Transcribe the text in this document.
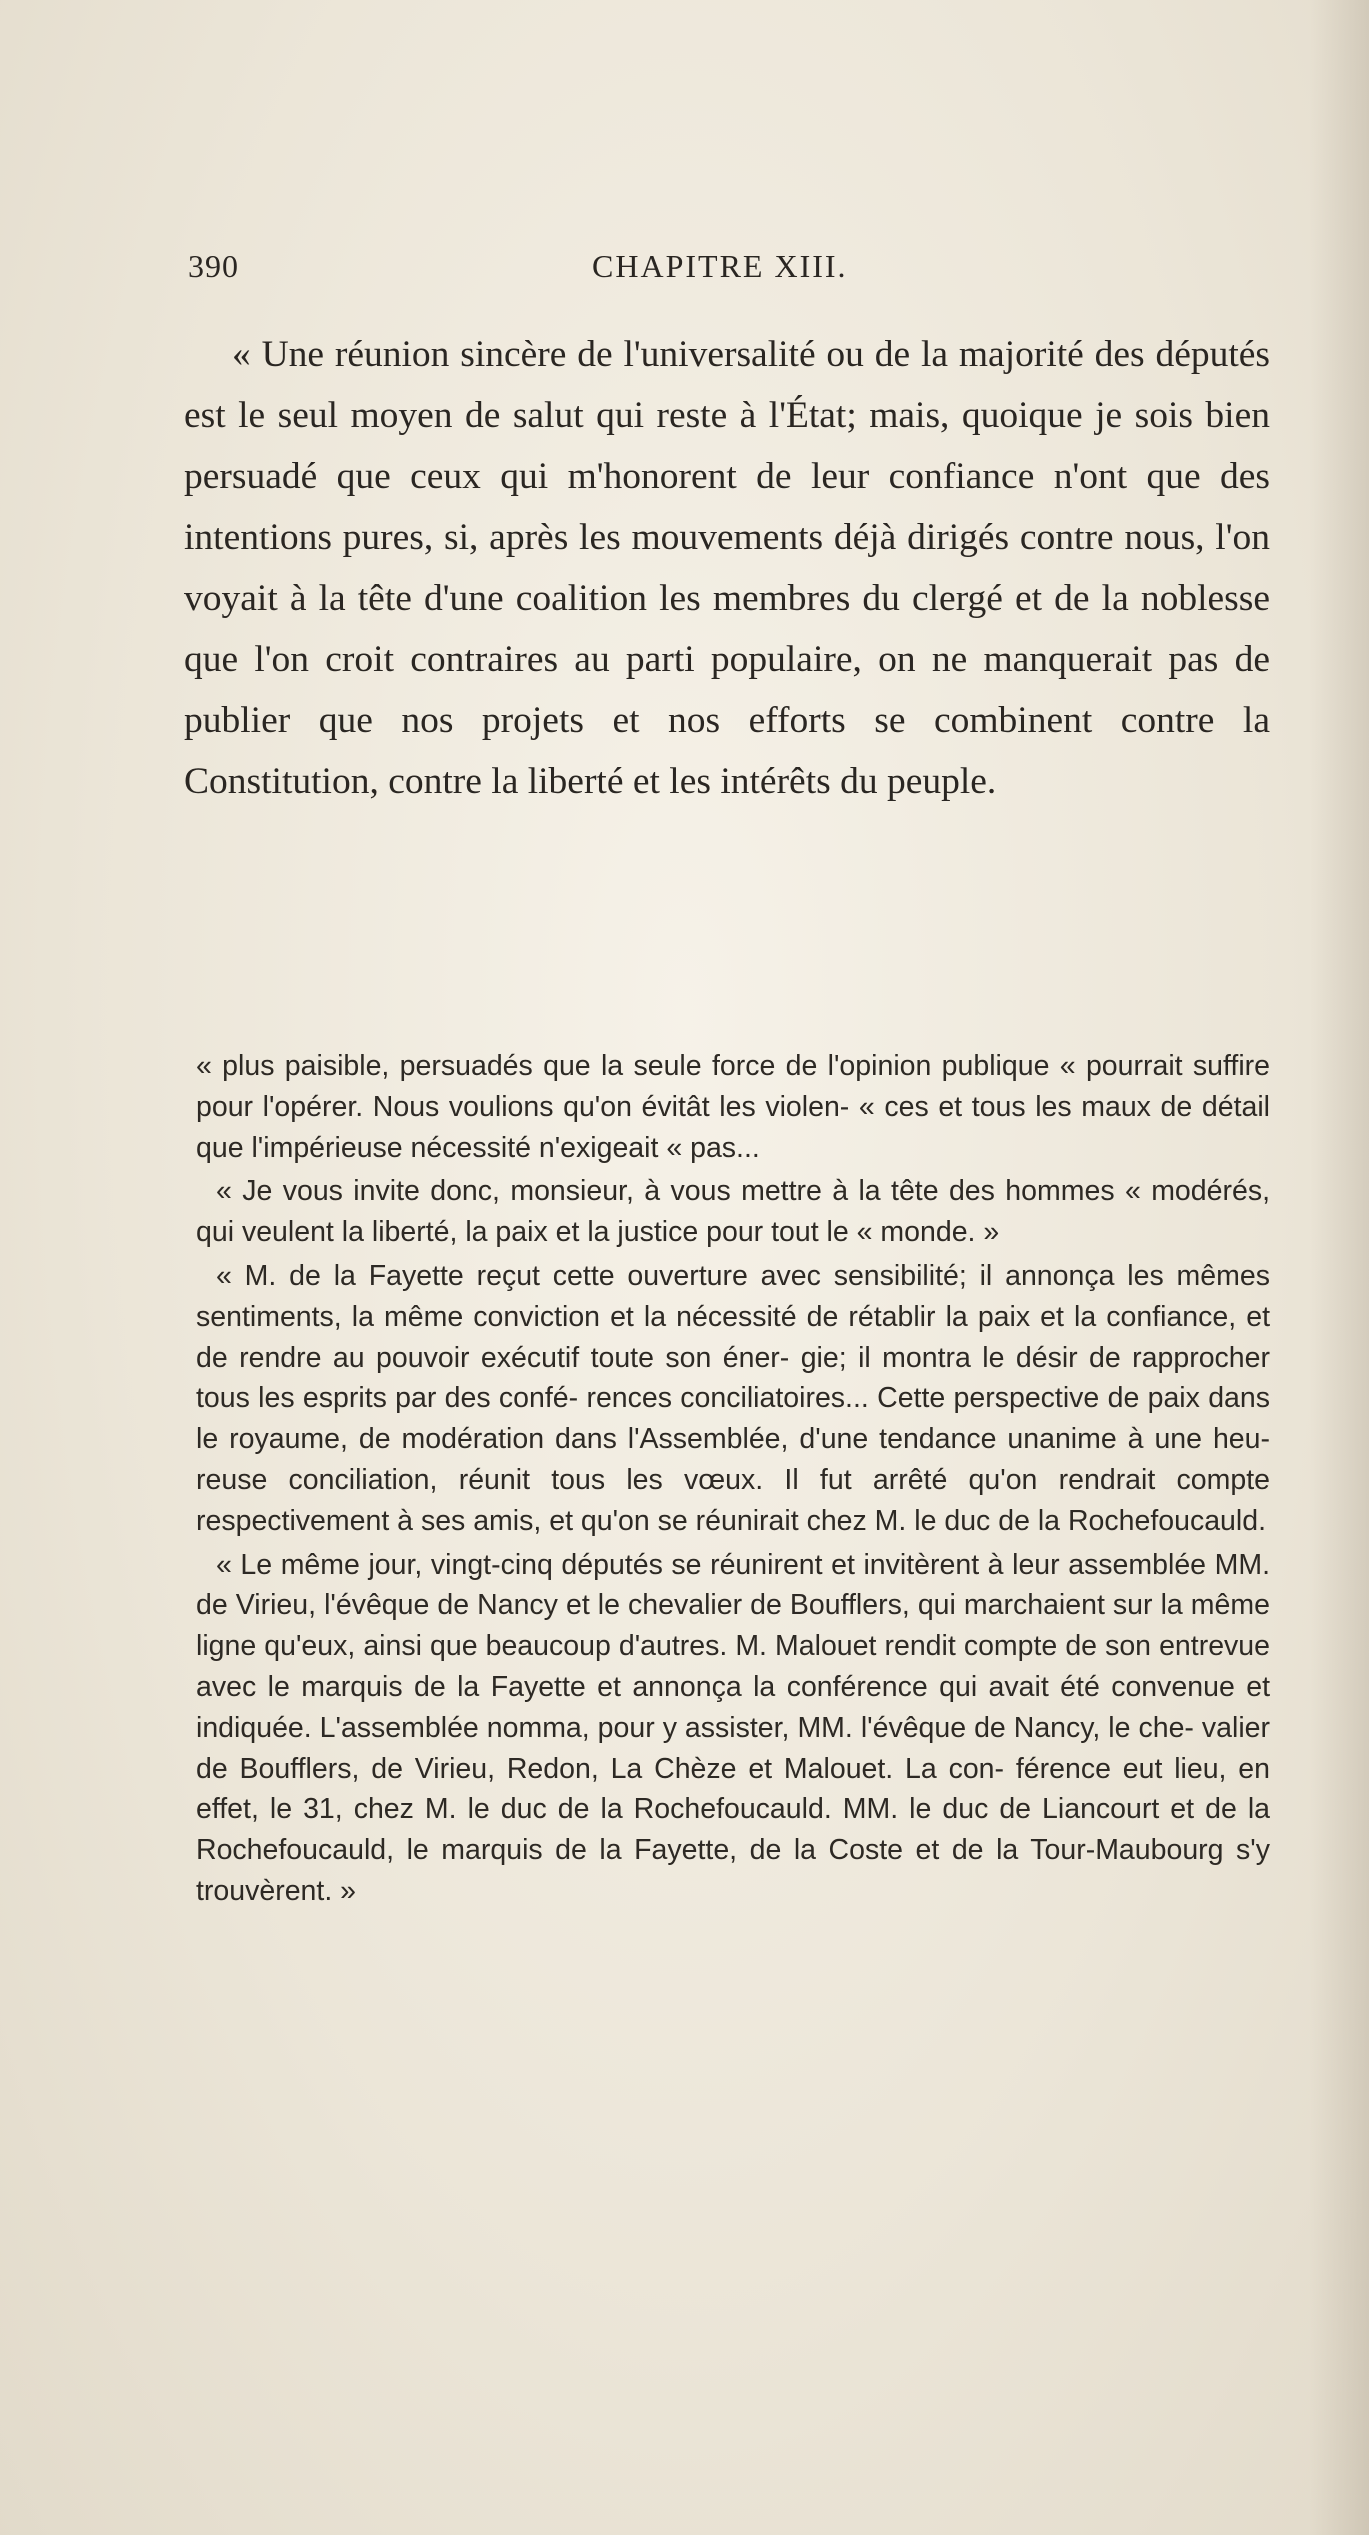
390	CHAPITRE XIII.

« Une réunion sincère de l'universalité ou de la majorité des députés est le seul moyen de salut qui reste à l'État; mais, quoique je sois bien persuadé que ceux qui m'honorent de leur confiance n'ont que des intentions pures, si, après les mouvements déjà dirigés contre nous, l'on voyait à la tête d'une coalition les membres du clergé et de la noblesse que l'on croit contraires au parti populaire, on ne manquerait pas de publier que nos projets et nos efforts se combinent contre la Constitution, contre la liberté et les intérêts du peuple.

« plus paisible, persuadés que la seule force de l'opinion publique « pourrait suffire pour l'opérer. Nous voulions qu'on évitât les violen- « ces et tous les maux de détail que l'impérieuse nécessité n'exigeait « pas...

« Je vous invite donc, monsieur, à vous mettre à la tête des hommes « modérés, qui veulent la liberté, la paix et la justice pour tout le « monde. »

« M. de la Fayette reçut cette ouverture avec sensibilité; il annonça les mêmes sentiments, la même conviction et la nécessité de rétablir la paix et la confiance, et de rendre au pouvoir exécutif toute son éner- gie; il montra le désir de rapprocher tous les esprits par des confé- rences conciliatoires... Cette perspective de paix dans le royaume, de modération dans l'Assemblée, d'une tendance unanime à une heu- reuse conciliation, réunit tous les vœux. Il fut arrêté qu'on rendrait compte respectivement à ses amis, et qu'on se réunirait chez M. le duc de la Rochefoucauld.

« Le même jour, vingt-cinq députés se réunirent et invitèrent à leur assemblée MM. de Virieu, l'évêque de Nancy et le chevalier de Boufflers, qui marchaient sur la même ligne qu'eux, ainsi que beaucoup d'autres. M. Malouet rendit compte de son entrevue avec le marquis de la Fayette et annonça la conférence qui avait été convenue et indiquée. L'assemblée nomma, pour y assister, MM. l'évêque de Nancy, le che- valier de Boufflers, de Virieu, Redon, La Chèze et Malouet. La con- férence eut lieu, en effet, le 31, chez M. le duc de la Rochefoucauld. MM. le duc de Liancourt et de la Rochefoucauld, le marquis de la Fayette, de la Coste et de la Tour-Maubourg s'y trouvèrent. »
